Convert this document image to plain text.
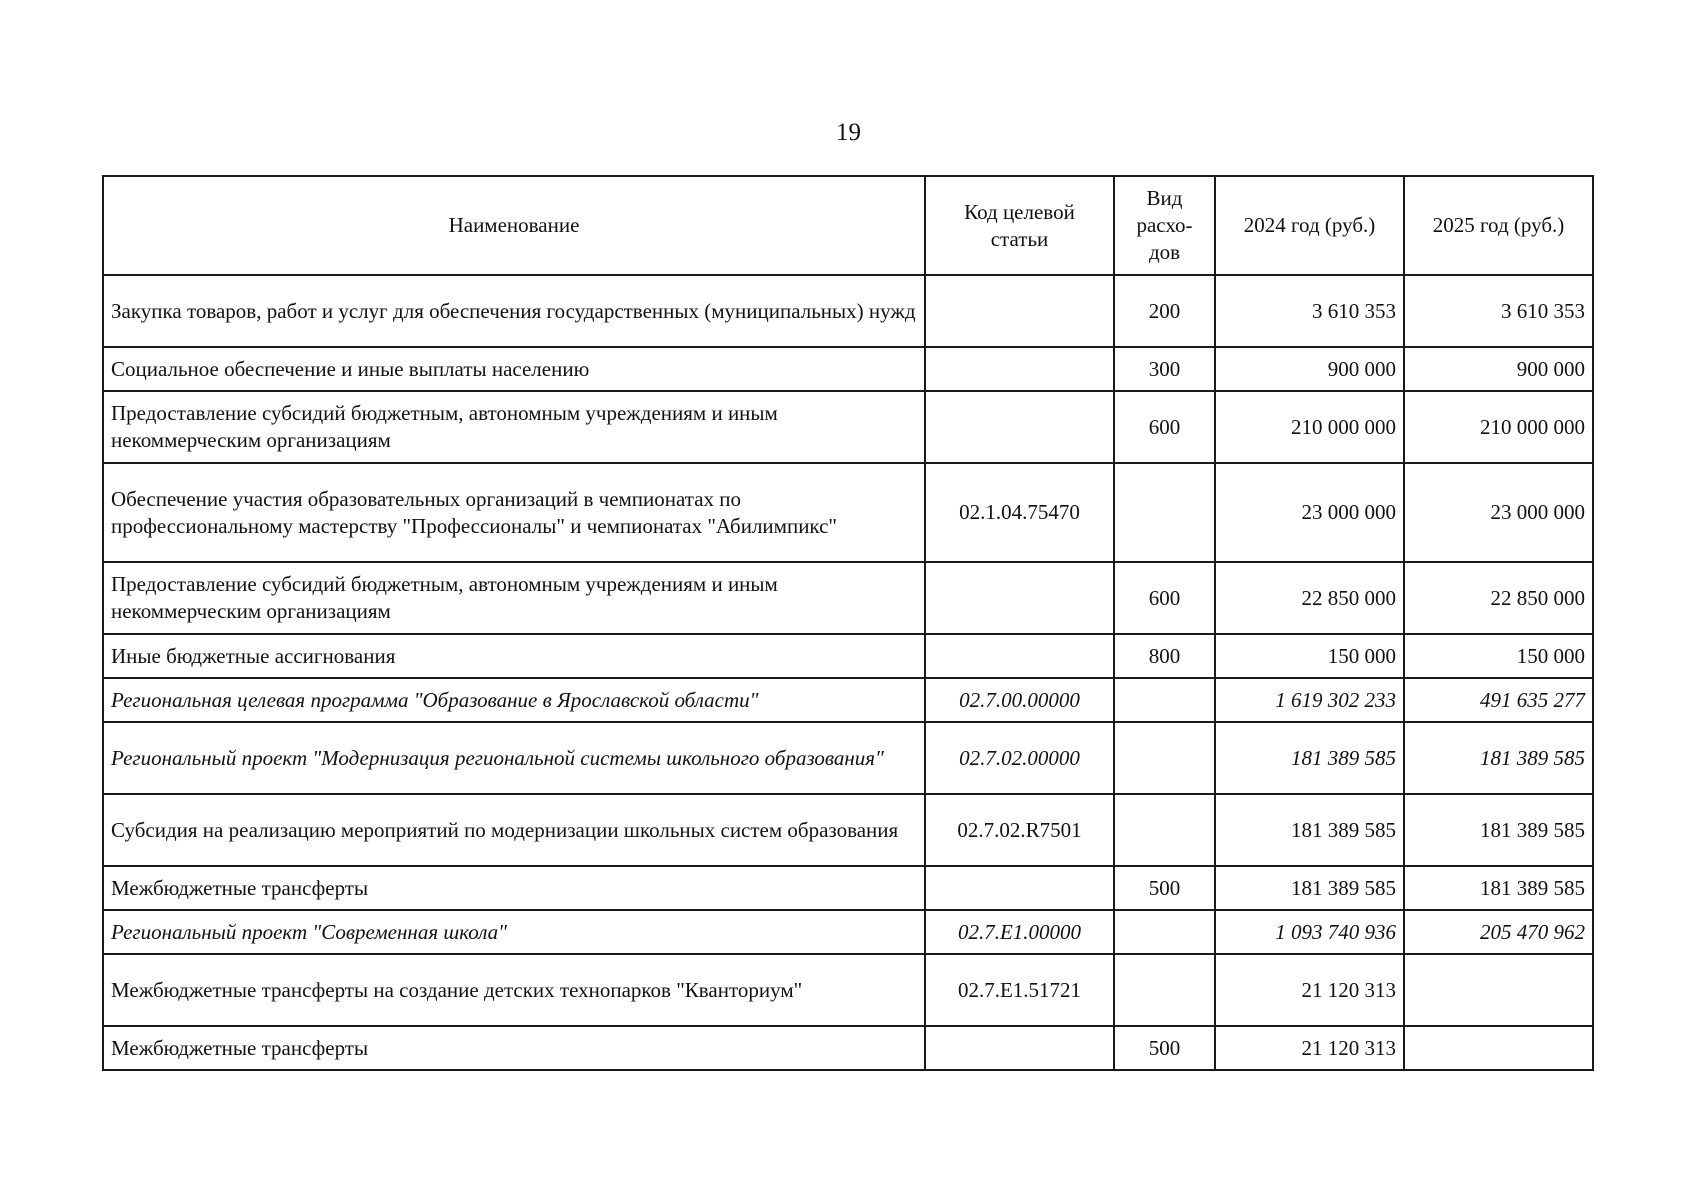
19
Наименование	Код целевой статьи	Вид расхо-дов	2024 год (руб.)	2025 год (руб.)
Закупка товаров, работ и услуг для обеспечения государственных (муниципальных) нужд		200	3 610 353	3 610 353
Социальное обеспечение и иные выплаты населению		300	900 000	900 000
Предоставление субсидий бюджетным, автономным учреждениям и иным некоммерческим организациям		600	210 000 000	210 000 000
Обеспечение участия образовательных организаций в чемпионатах по профессиональному мастерству "Профессионалы" и чемпионатах "Абилимпикс"	02.1.04.75470		23 000 000	23 000 000
Предоставление субсидий бюджетным, автономным учреждениям и иным некоммерческим организациям		600	22 850 000	22 850 000
Иные бюджетные ассигнования		800	150 000	150 000
Региональная целевая программа "Образование в Ярославской области"	02.7.00.00000		1 619 302 233	491 635 277
Региональный проект "Модернизация региональной системы школьного образования"	02.7.02.00000		181 389 585	181 389 585
Субсидия на реализацию мероприятий по модернизации школьных систем образования	02.7.02.R7501		181 389 585	181 389 585
Межбюджетные трансферты		500	181 389 585	181 389 585
Региональный проект "Современная школа"	02.7.Е1.00000		1 093 740 936	205 470 962
Межбюджетные трансферты на создание детских технопарков "Кванториум"	02.7.Е1.51721		21 120 313	
Межбюджетные трансферты		500	21 120 313	
